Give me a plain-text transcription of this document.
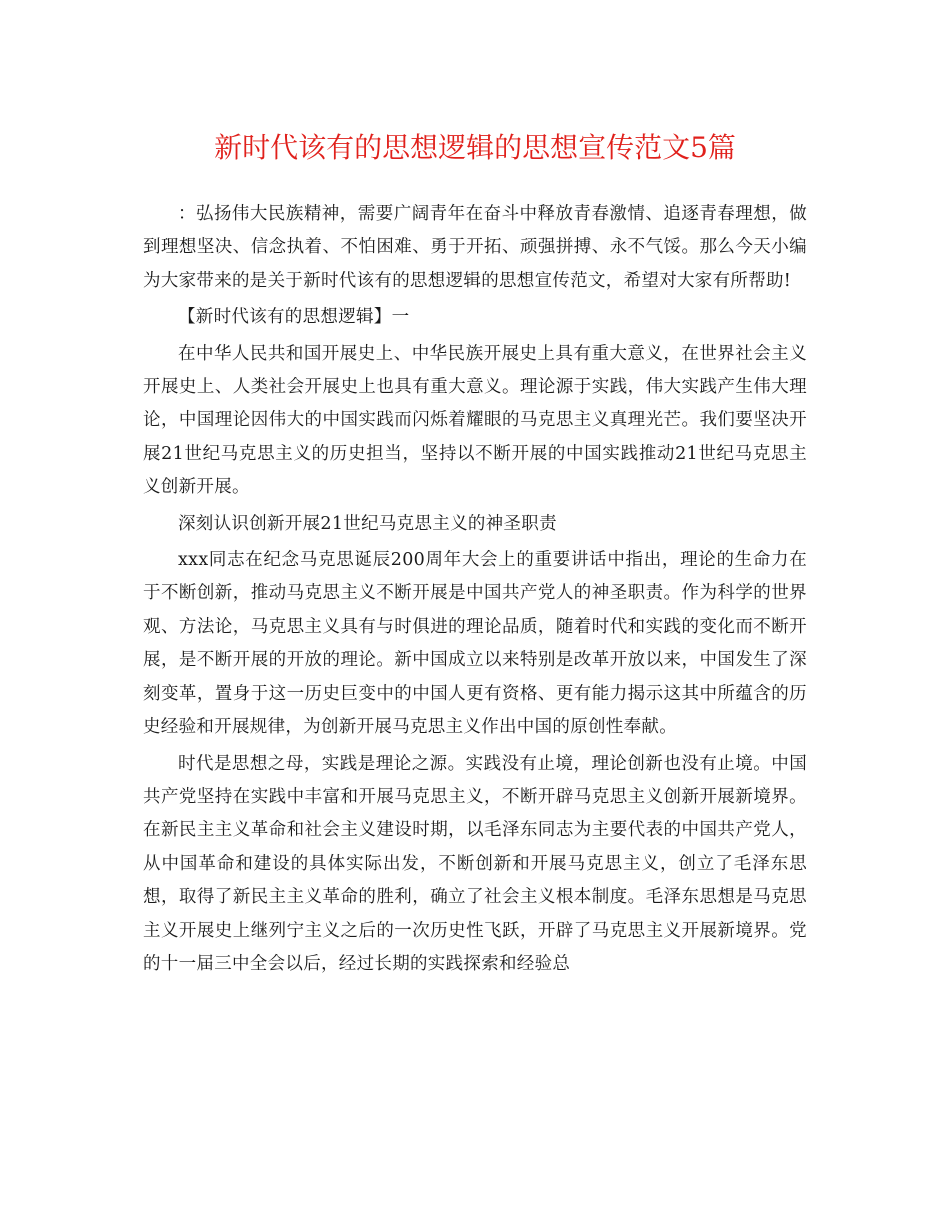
新时代该有的思想逻辑的思想宣传范文5篇

：弘扬伟大民族精神，需要广阔青年在奋斗中释放青春激情、追逐青春理想，做到理想坚决、信念执着、不怕困难、勇于开拓、顽强拼搏、永不气馁。那么今天小编为大家带来的是关于新时代该有的思想逻辑的思想宣传范文，希望对大家有所帮助!

【新时代该有的思想逻辑】一

在中华人民共和国开展史上、中华民族开展史上具有重大意义，在世界社会主义开展史上、人类社会开展史上也具有重大意义。理论源于实践，伟大实践产生伟大理论，中国理论因伟大的中国实践而闪烁着耀眼的马克思主义真理光芒。我们要坚决开展21世纪马克思主义的历史担当，坚持以不断开展的中国实践推动21世纪马克思主义创新开展。

深刻认识创新开展21世纪马克思主义的神圣职责

xxx同志在纪念马克思诞辰200周年大会上的重要讲话中指出，理论的生命力在于不断创新，推动马克思主义不断开展是中国共产党人的神圣职责。作为科学的世界观、方法论，马克思主义具有与时俱进的理论品质，随着时代和实践的变化而不断开展，是不断开展的开放的理论。新中国成立以来特别是改革开放以来，中国发生了深刻变革，置身于这一历史巨变中的中国人更有资格、更有能力揭示这其中所蕴含的历史经验和开展规律，为创新开展马克思主义作出中国的原创性奉献。

时代是思想之母，实践是理论之源。实践没有止境，理论创新也没有止境。中国共产党坚持在实践中丰富和开展马克思主义，不断开辟马克思主义创新开展新境界。在新民主主义革命和社会主义建设时期，以毛泽东同志为主要代表的中国共产党人，从中国革命和建设的具体实际出发，不断创新和开展马克思主义，创立了毛泽东思想，取得了新民主主义革命的胜利，确立了社会主义根本制度。毛泽东思想是马克思主义开展史上继列宁主义之后的一次历史性飞跃，开辟了马克思主义开展新境界。党的十一届三中全会以后，经过长期的实践探索和经验总
